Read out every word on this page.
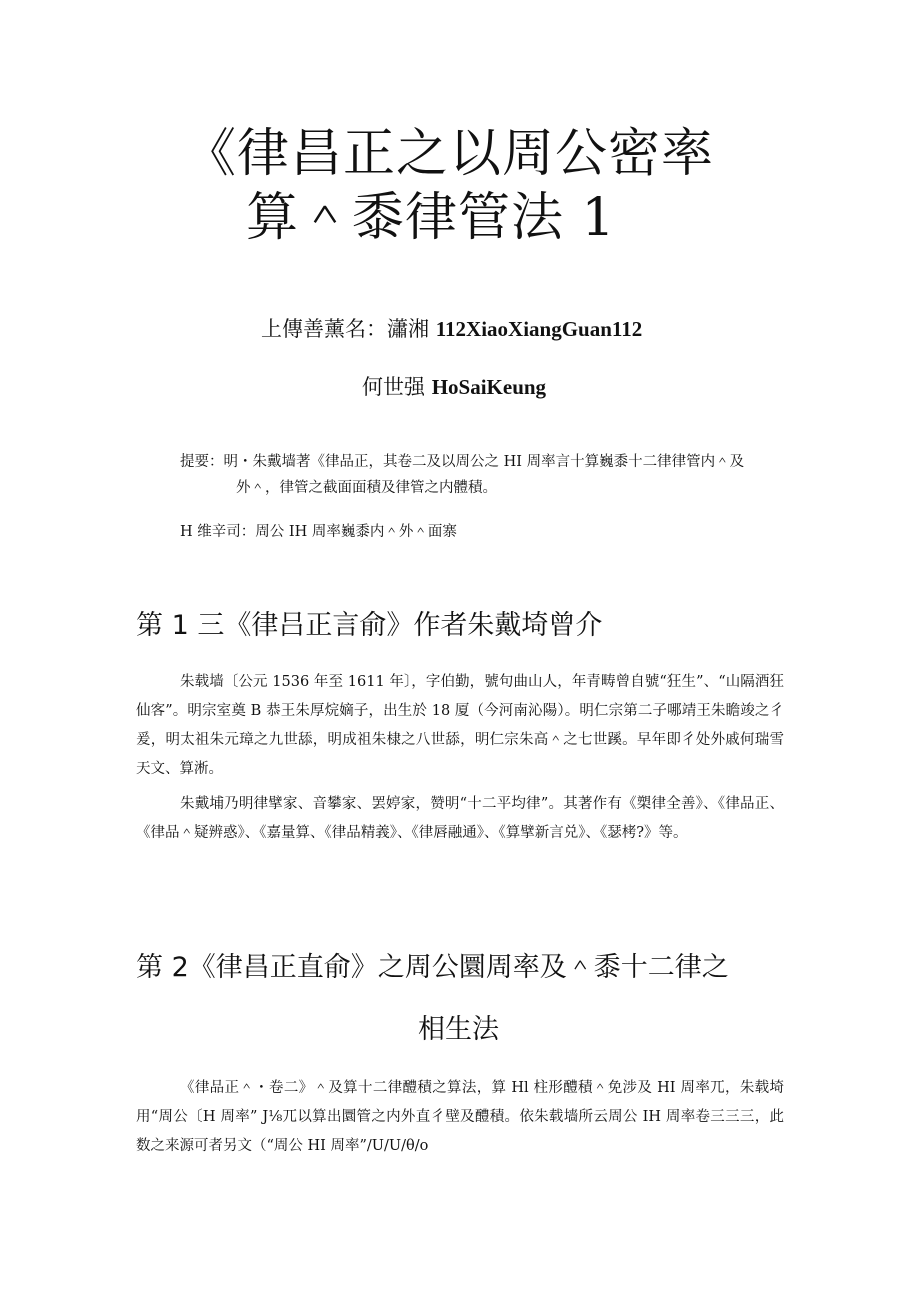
《律昌正之以周公密率
算＾黍律管法 1
上傳善薰名：瀟湘 112XiaoXiangGuan112
何世强 HoSaiKeung
提要：明・朱戴墙著《律品正，其卷二及以周公之 HI 周率言十算巍黍十二律律管内＾及
外＾，律管之截面面積及律管之内體積。
H 维辛司：周公 IH 周率巍黍内＾外＾面寨
第 1 三《律吕正言俞》作者朱戴埼曾介

朱载墙〔公元 1536 年至 1611 年〕，字伯勤，號句曲山人，年青畴曾自號“狂生”、“山隔酒狂仙客”。明宗室奠 B 恭王朱厚烷嫡子，出生於 18 厦（今河南沁陽）。明仁宗第二子哪靖王朱瞻竣之彳爰，明太祖朱元璋之九世舔，明成祖朱棣之八世舔，明仁宗朱高＾之七世蹊。早年即彳处外戚何瑞雪天文、算淅。

朱戴埔乃明律擘家、音攀家、罢婷家，赞明“十二平均律”。其著作有《槊律全善》、《律品正、《律品＾疑辨惑》、《嘉量算、《律品精義》、《律唇融通》、《算擘新言兑》、《瑟栲?》等。

第 2《律昌正直俞》之周公圜周率及＾黍十二律之
相生法

《律品正＾・卷二》＾及算十二律醴積之算法，算 Hl 柱形醴積＾免涉及 HI 周率兀，朱载埼用“周公〔H 周率” J⅛兀以算出圜管之内外直彳壁及醴積。依朱载墙所云周公 IH 周率卷三三三，此数之来源可者另文（“周公 HI 周率”/U/U/θ/o
